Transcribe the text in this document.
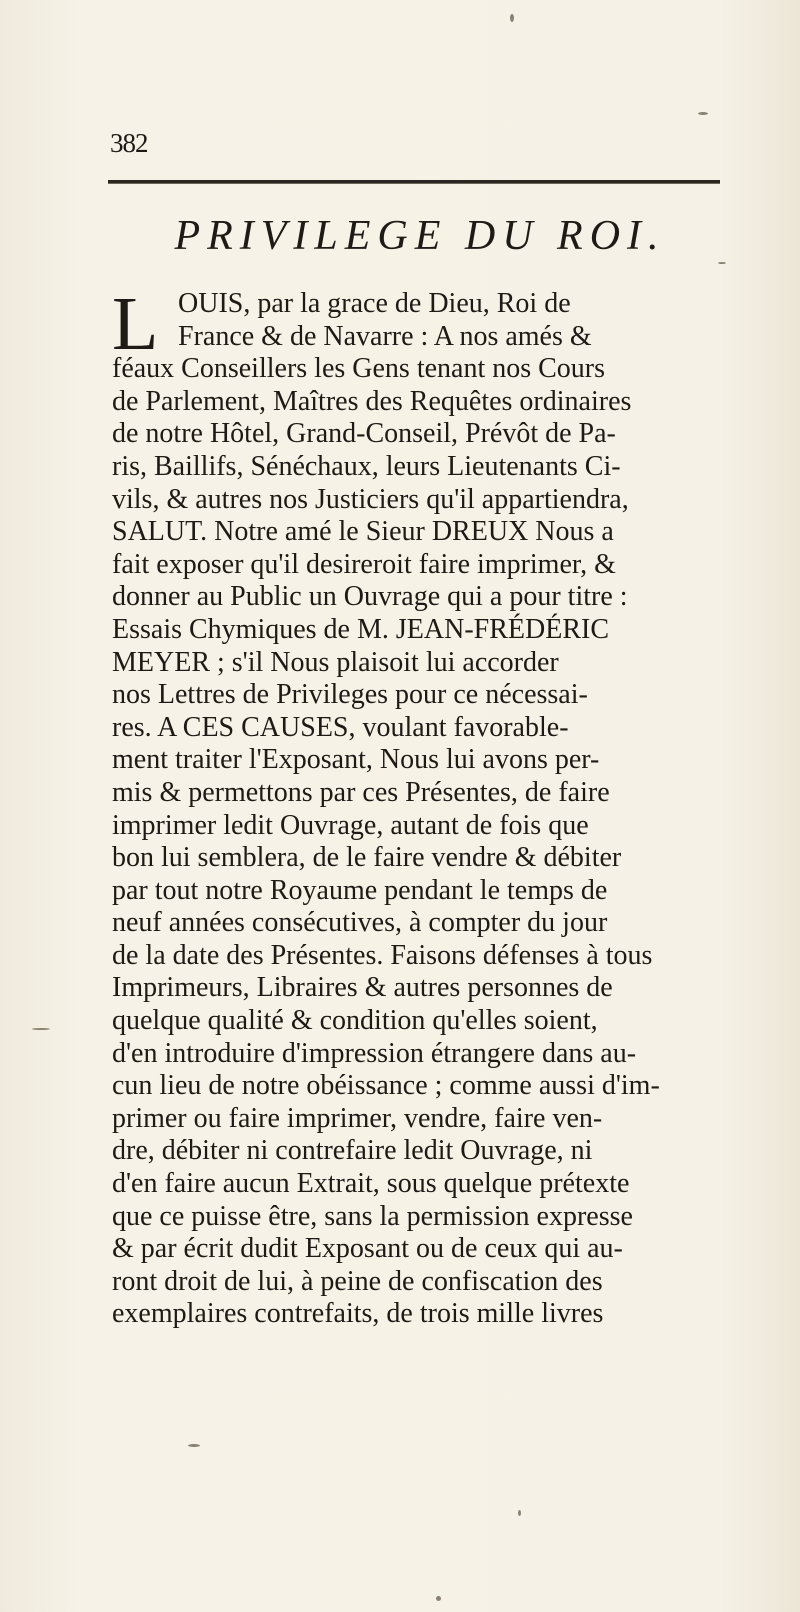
382
PRIVILEGE DU ROI.
L OUIS, par la grace de Dieu, Roi de
France & de Navarre : A nos amés &
féaux Conseillers les Gens tenant nos Cours
de Parlement, Maîtres des Requêtes ordinaires
de notre Hôtel, Grand-Conseil, Prévôt de Pa-
ris, Baillifs, Sénéchaux, leurs Lieutenants Ci-
vils, & autres nos Justiciers qu'il appartiendra,
SALUT. Notre amé le Sieur DREUX Nous a
fait exposer qu'il desireroit faire imprimer, &
donner au Public un Ouvrage qui a pour titre :
Essais Chymiques de M. JEAN-FRÉDÉRIC
MEYER ; s'il Nous plaisoit lui accorder
nos Lettres de Privileges pour ce nécessai-
res. A CES CAUSES, voulant favorable-
ment traiter l'Exposant, Nous lui avons per-
mis & permettons par ces Présentes, de faire
imprimer ledit Ouvrage, autant de fois que
bon lui semblera, de le faire vendre & débiter
par tout notre Royaume pendant le temps de
neuf années consécutives, à compter du jour
de la date des Présentes. Faisons défenses à tous
Imprimeurs, Libraires & autres personnes de
quelque qualité & condition qu'elles soient,
d'en introduire d'impression étrangere dans au-
cun lieu de notre obéissance ; comme aussi d'im-
primer ou faire imprimer, vendre, faire ven-
dre, débiter ni contrefaire ledit Ouvrage, ni
d'en faire aucun Extrait, sous quelque prétexte
que ce puisse être, sans la permission expresse
& par écrit dudit Exposant ou de ceux qui au-
ront droit de lui, à peine de confiscation des
exemplaires contrefaits, de trois mille livres
